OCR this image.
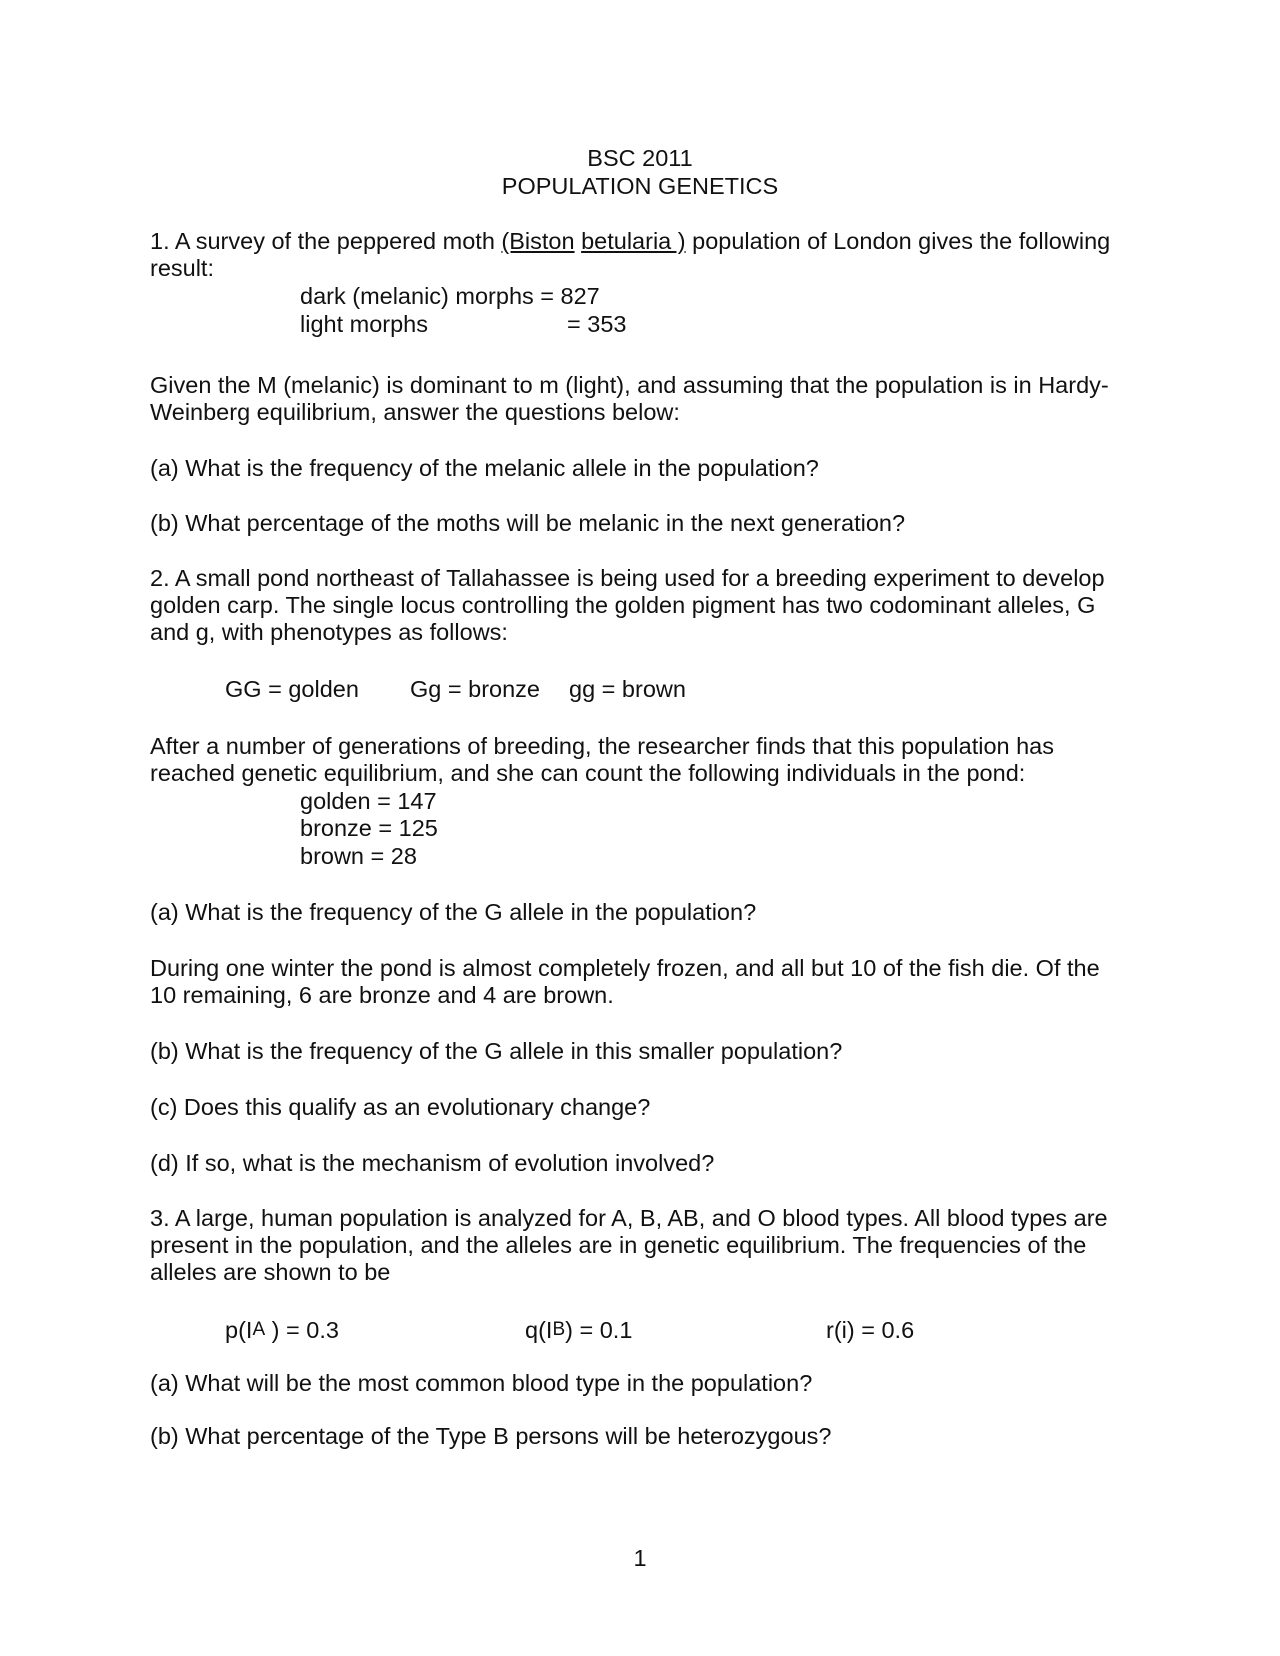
BSC 2011
POPULATION GENETICS
1. A survey of the peppered moth (Biston betularia ) population of London gives the following result:
dark (melanic) morphs = 827
light morphs	= 353
Given the M (melanic) is dominant to m (light), and assuming that the population is in Hardy-Weinberg equilibrium, answer the questions below:
(a) What is the frequency of the melanic allele in the population?
(b) What percentage of the moths will be melanic in the next generation?
2. A small pond northeast of Tallahassee is being used for a breeding experiment to develop golden carp. The single locus controlling the golden pigment has two codominant alleles, G and g, with phenotypes as follows:
GG = golden Gg = bronze gg = brown
After a number of generations of breeding, the researcher finds that this population has reached genetic equilibrium, and she can count the following individuals in the pond:
golden = 147
bronze = 125
brown = 28
(a) What is the frequency of the G allele in the population?
During one winter the pond is almost completely frozen, and all but 10 of the fish die. Of the 10 remaining, 6 are bronze and 4 are brown.
(b) What is the frequency of the G allele in this smaller population?
(c) Does this qualify as an evolutionary change?
(d) If so, what is the mechanism of evolution involved?
3. A large, human population is analyzed for A, B, AB, and O blood types. All blood types are present in the population, and the alleles are in genetic equilibrium. The frequencies of the alleles are shown to be
$p(I^A$ ) = 0.3	$q(I^B) = 0.1$	r(i) = 0.6
(a) What will be the most common blood type in the population?
(b) What percentage of the Type B persons will be heterozygous?
1
